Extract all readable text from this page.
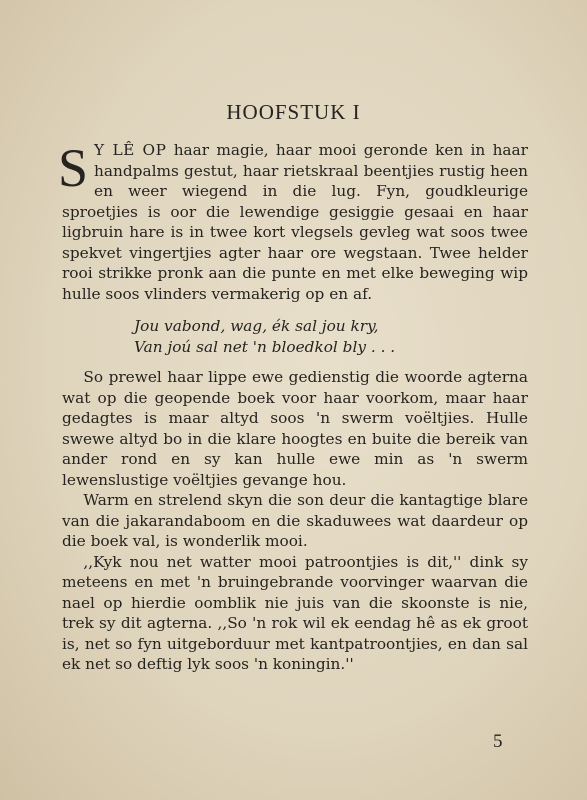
HOOFSTUK I

S Y LÊ OP haar magie, haar mooi geronde ken in haar handpalms gestut, haar rietskraal beentjies rustig heen en weer wiegend in die lug. Fyn, goudkleurige sproetjies is oor die lewendige gesiggie gesaai en haar ligbruin hare is in twee kort vlegsels gevleg wat soos twee spekvet vingertjies agter haar ore wegstaan. Twee helder rooi strikke pronk aan die punte en met elke beweging wip hulle soos vlinders vermakerig op en af.

Jou vabond, wag, ék sal jou kry,
Van joú sal net 'n bloedkol bly . . .

So prewel haar lippe ewe gedienstig die woorde agterna wat op die geopende boek voor haar voorkom, maar haar gedagtes is maar altyd soos 'n swerm voëltjies. Hulle swewe altyd bo in die klare hoogtes en buite die bereik van ander rond en sy kan hulle ewe min as 'n swerm lewenslustige voëltjies gevange hou.

Warm en strelend skyn die son deur die kantagtige blare van die jakarandaboom en die skaduwees wat daardeur op die boek val, is wonderlik mooi.

,,Kyk nou net watter mooi patroontjies is dit,'' dink sy meteens en met 'n bruingebrande voorvinger waarvan die nael op hierdie oomblik nie juis van die skoonste is nie, trek sy dit agterna. ,,So 'n rok wil ek eendag hê as ek groot is, net so fyn uitgeborduur met kantpatroontjies, en dan sal ek net so deftig lyk soos 'n koningin.''

5
